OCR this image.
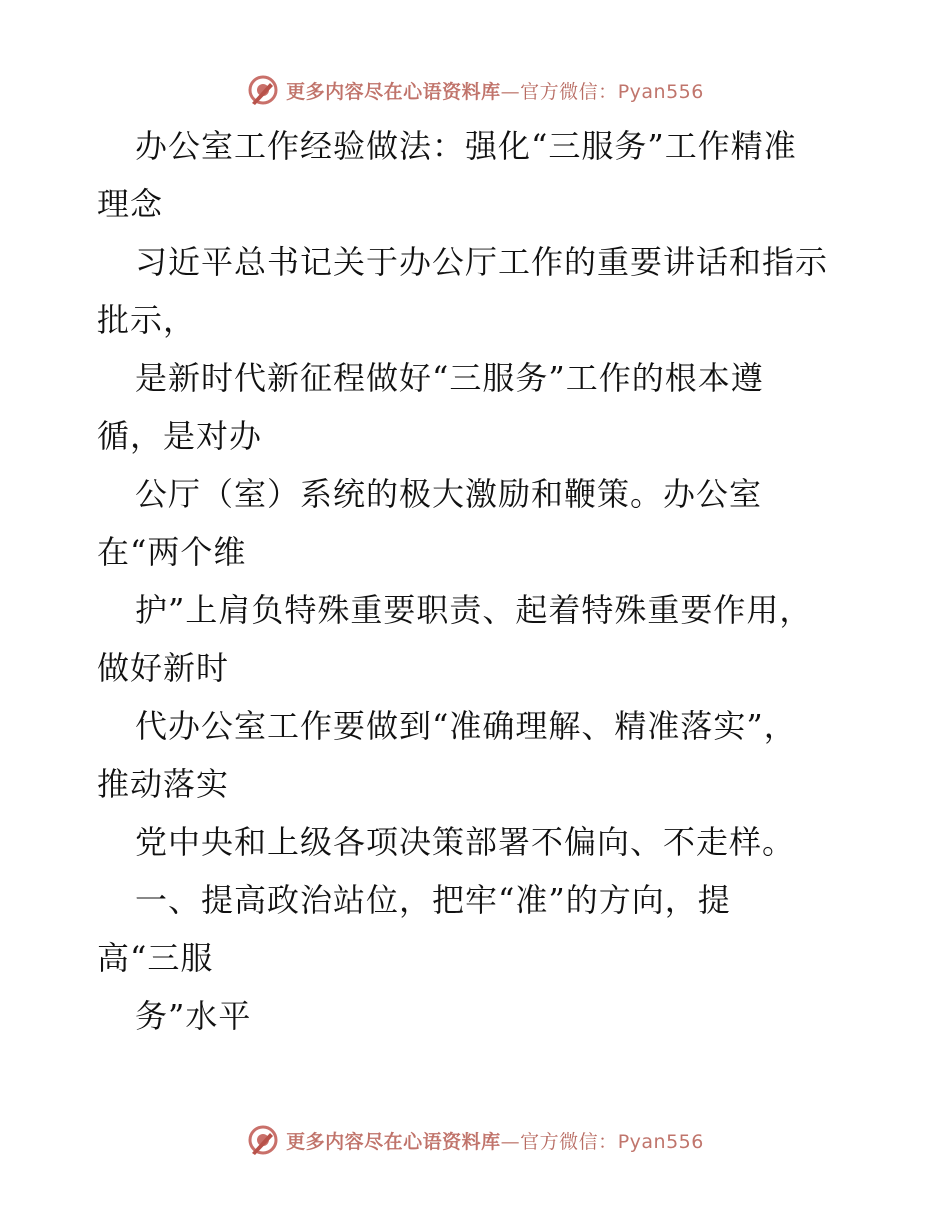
更多内容尽在心语资料库—官方微信：Pyan556
办公室工作经验做法：强化“三服务”工作精准
理念
习近平总书记关于办公厅工作的重要讲话和指示
批示，
是新时代新征程做好“三服务”工作的根本遵
循，是对办
公厅（室）系统的极大激励和鞭策。办公室
在“两个维
护”上肩负特殊重要职责、起着特殊重要作用，
做好新时
代办公室工作要做到“准确理解、精准落实”，
推动落实
党中央和上级各项决策部署不偏向、不走样。
一、提高政治站位，把牢“准”的方向，提
高“三服
务”水平
更多内容尽在心语资料库—官方微信：Pyan556
